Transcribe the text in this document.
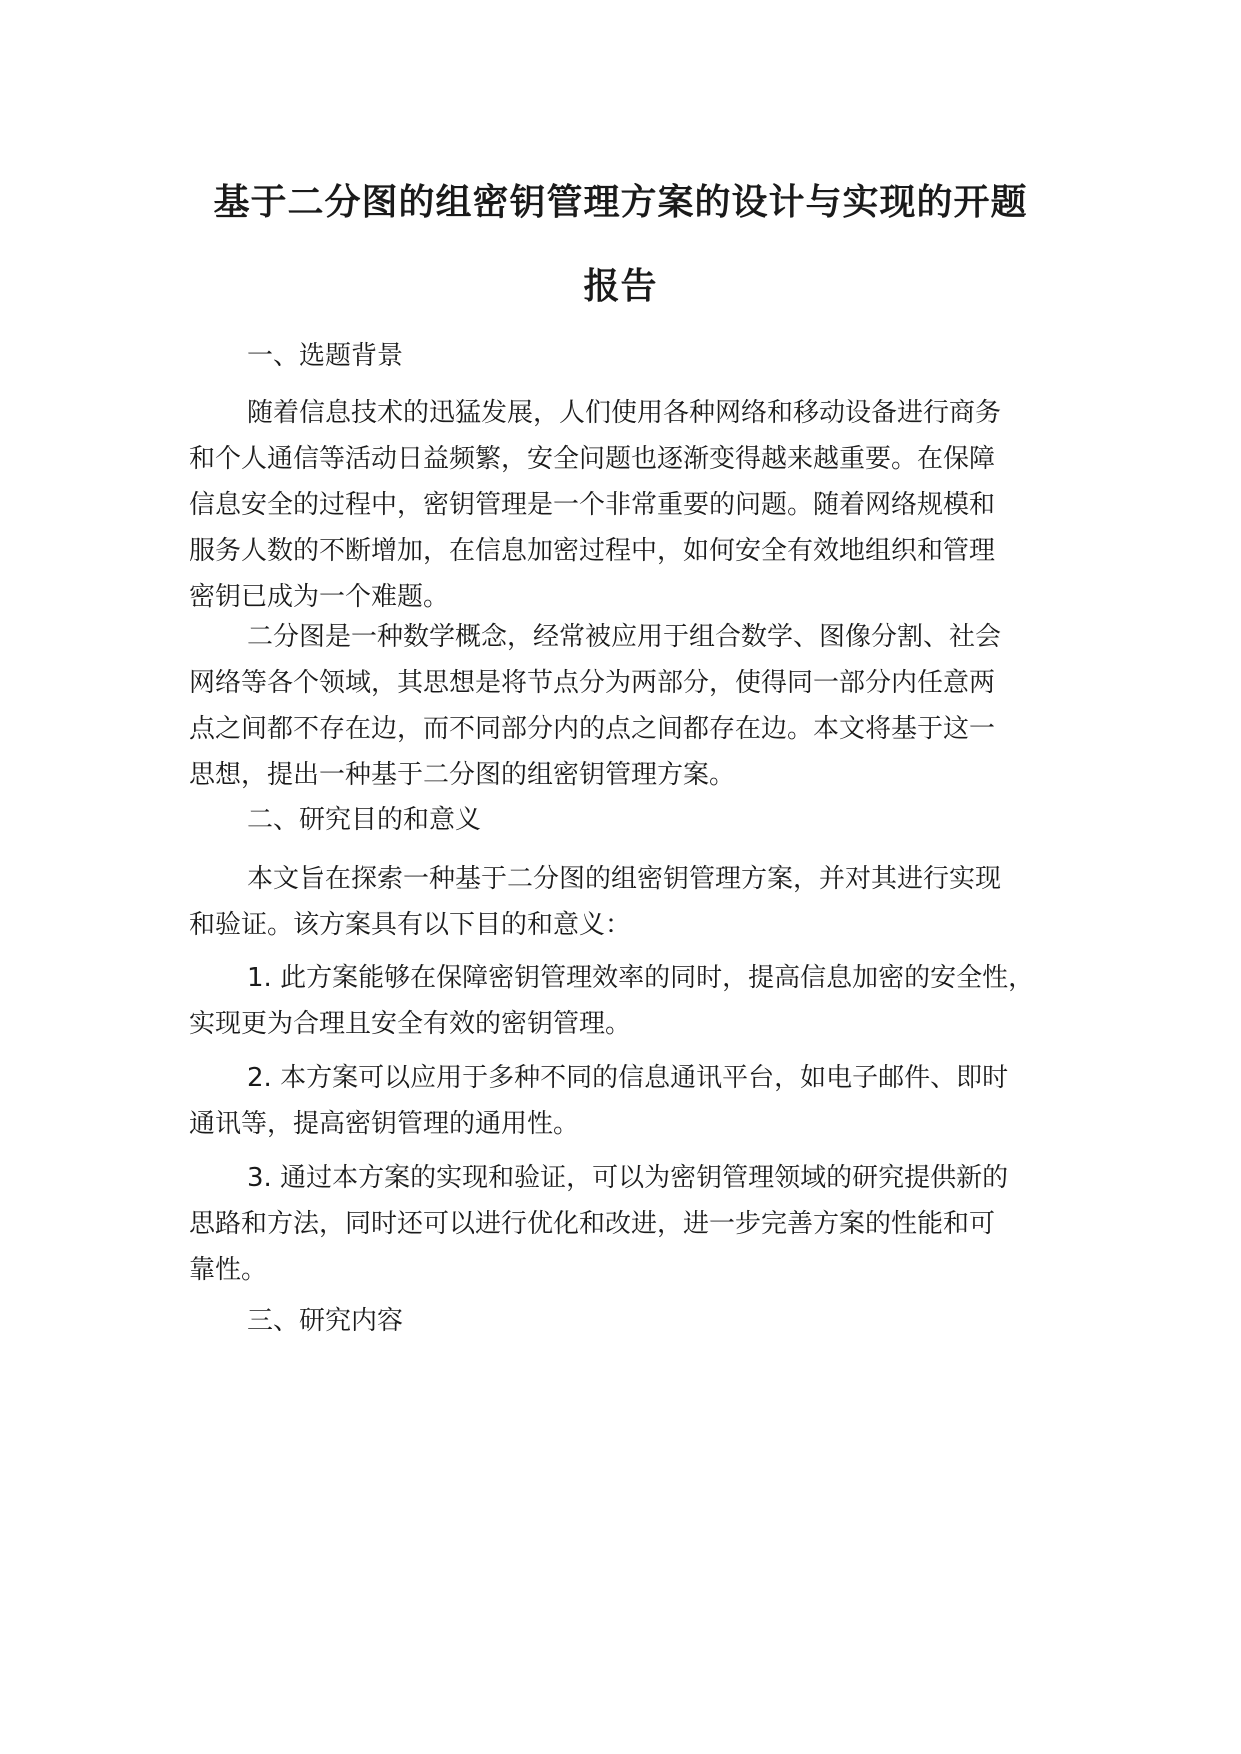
基于二分图的组密钥管理方案的设计与实现的开题
报告

一、选题背景

随着信息技术的迅猛发展，人们使用各种网络和移动设备进行商务
和个人通信等活动日益频繁，安全问题也逐渐变得越来越重要。在保障
信息安全的过程中，密钥管理是一个非常重要的问题。随着网络规模和
服务人数的不断增加，在信息加密过程中，如何安全有效地组织和管理
密钥已成为一个难题。

二分图是一种数学概念，经常被应用于组合数学、图像分割、社会
网络等各个领域，其思想是将节点分为两部分，使得同一部分内任意两
点之间都不存在边，而不同部分内的点之间都存在边。本文将基于这一
思想，提出一种基于二分图的组密钥管理方案。

二、研究目的和意义

本文旨在探索一种基于二分图的组密钥管理方案，并对其进行实现
和验证。该方案具有以下目的和意义：

1. 此方案能够在保障密钥管理效率的同时，提高信息加密的安全性，
实现更为合理且安全有效的密钥管理。

2. 本方案可以应用于多种不同的信息通讯平台，如电子邮件、即时
通讯等，提高密钥管理的通用性。

3. 通过本方案的实现和验证，可以为密钥管理领域的研究提供新的
思路和方法，同时还可以进行优化和改进，进一步完善方案的性能和可
靠性。

三、研究内容
